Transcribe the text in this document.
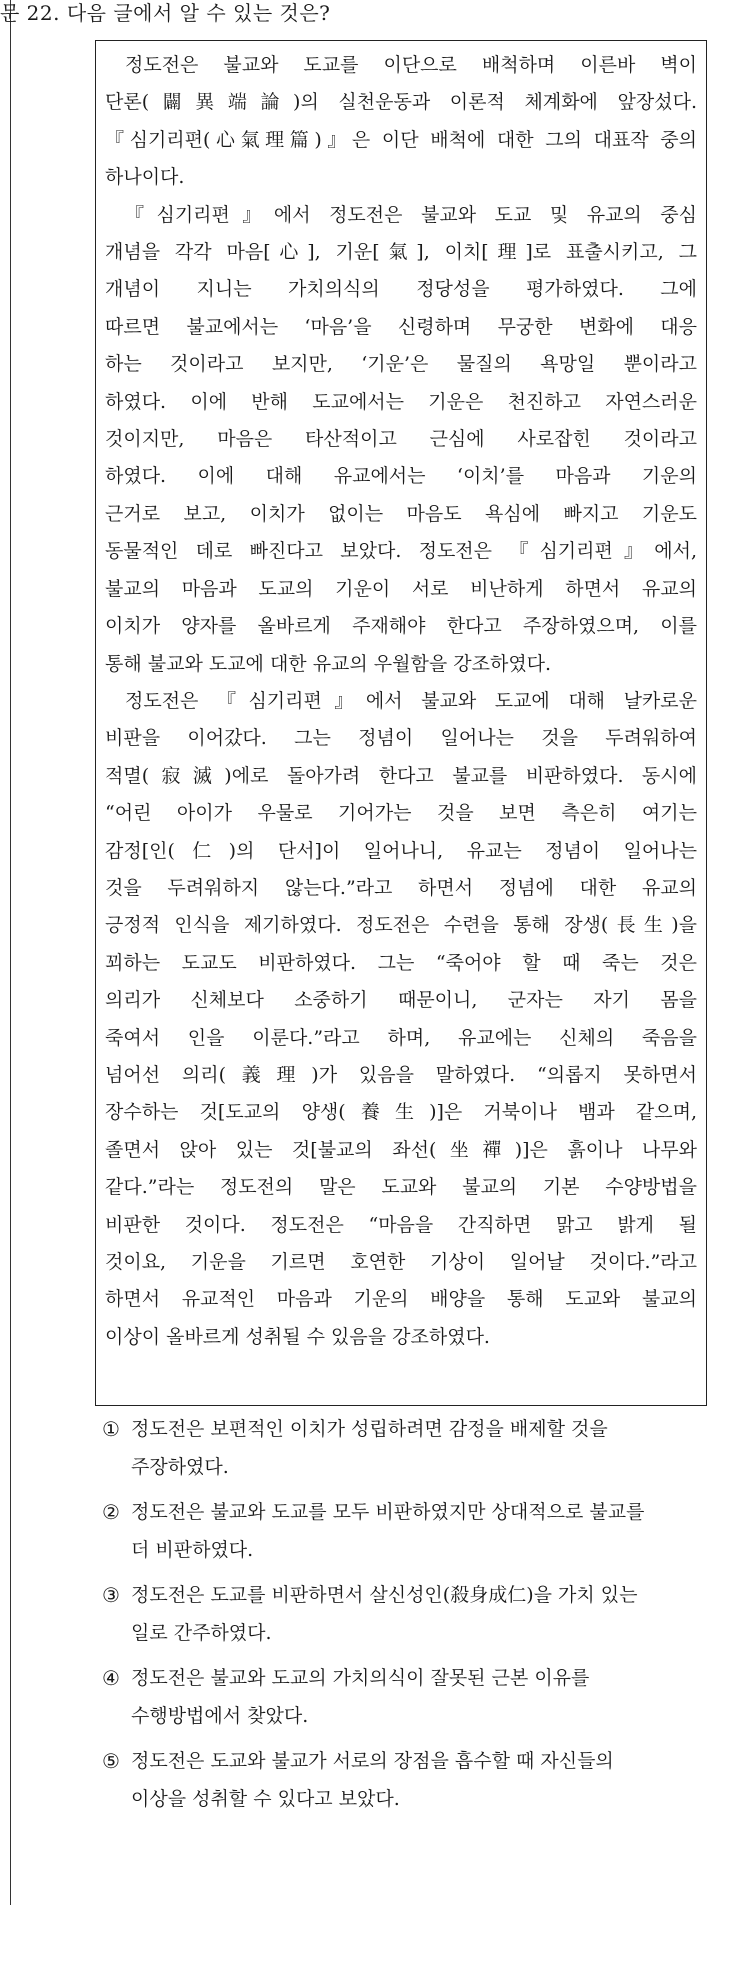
문 22. 다음 글에서 알 수 있는 것은?

정도전은 불교와 도교를 이단으로 배척하며 이른바 벽이
단론(闢異端論)의 실천운동과 이론적 체계화에 앞장섰다.
『심기리편(心氣理篇)』은 이단 배척에 대한 그의 대표작 중의
하나이다.

『심기리편』에서 정도전은 불교와 도교 및 유교의 중심
개념을 각각 마음[心], 기운[氣], 이치[理]로 표출시키고, 그
개념이 지니는 가치의식의 정당성을 평가하였다. 그에
따르면 불교에서는 ‘마음’을 신령하며 무궁한 변화에 대응
하는 것이라고 보지만, ‘기운’은 물질의 욕망일 뿐이라고
하였다. 이에 반해 도교에서는 기운은 천진하고 자연스러운
것이지만, 마음은 타산적이고 근심에 사로잡힌 것이라고
하였다. 이에 대해 유교에서는 ‘이치’를 마음과 기운의
근거로 보고, 이치가 없이는 마음도 욕심에 빠지고 기운도
동물적인 데로 빠진다고 보았다. 정도전은 『심기리편』에서,
불교의 마음과 도교의 기운이 서로 비난하게 하면서 유교의
이치가 양자를 올바르게 주재해야 한다고 주장하였으며, 이를
통해 불교와 도교에 대한 유교의 우월함을 강조하였다.

정도전은 『심기리편』에서 불교와 도교에 대해 날카로운
비판을 이어갔다. 그는 정념이 일어나는 것을 두려워하여
적멸(寂滅)에로 돌아가려 한다고 불교를 비판하였다. 동시에
“어린 아이가 우물로 기어가는 것을 보면 측은히 여기는
감정[인(仁)의 단서]이 일어나니, 유교는 정념이 일어나는
것을 두려워하지 않는다.”라고 하면서 정념에 대한 유교의
긍정적 인식을 제기하였다. 정도전은 수련을 통해 장생(長生)을
꾀하는 도교도 비판하였다. 그는 “죽어야 할 때 죽는 것은
의리가 신체보다 소중하기 때문이니, 군자는 자기 몸을
죽여서 인을 이룬다.”라고 하며, 유교에는 신체의 죽음을
넘어선 의리(義理)가 있음을 말하였다. “의롭지 못하면서
장수하는 것[도교의 양생(養生)]은 거북이나 뱀과 같으며,
졸면서 앉아 있는 것[불교의 좌선(坐禪)]은 흙이나 나무와
같다.”라는 정도전의 말은 도교와 불교의 기본 수양방법을
비판한 것이다. 정도전은 “마음을 간직하면 맑고 밝게 될
것이요, 기운을 기르면 호연한 기상이 일어날 것이다.”라고
하면서 유교적인 마음과 기운의 배양을 통해 도교와 불교의
이상이 올바르게 성취될 수 있음을 강조하였다.

① 정도전은 보편적인 이치가 성립하려면 감정을 배제할 것을
주장하였다.
② 정도전은 불교와 도교를 모두 비판하였지만 상대적으로 불교를
더 비판하였다.
③ 정도전은 도교를 비판하면서 살신성인(殺身成仁)을 가치 있는
일로 간주하였다.
④ 정도전은 불교와 도교의 가치의식이 잘못된 근본 이유를
수행방법에서 찾았다.
⑤ 정도전은 도교와 불교가 서로의 장점을 흡수할 때 자신들의
이상을 성취할 수 있다고 보았다.
